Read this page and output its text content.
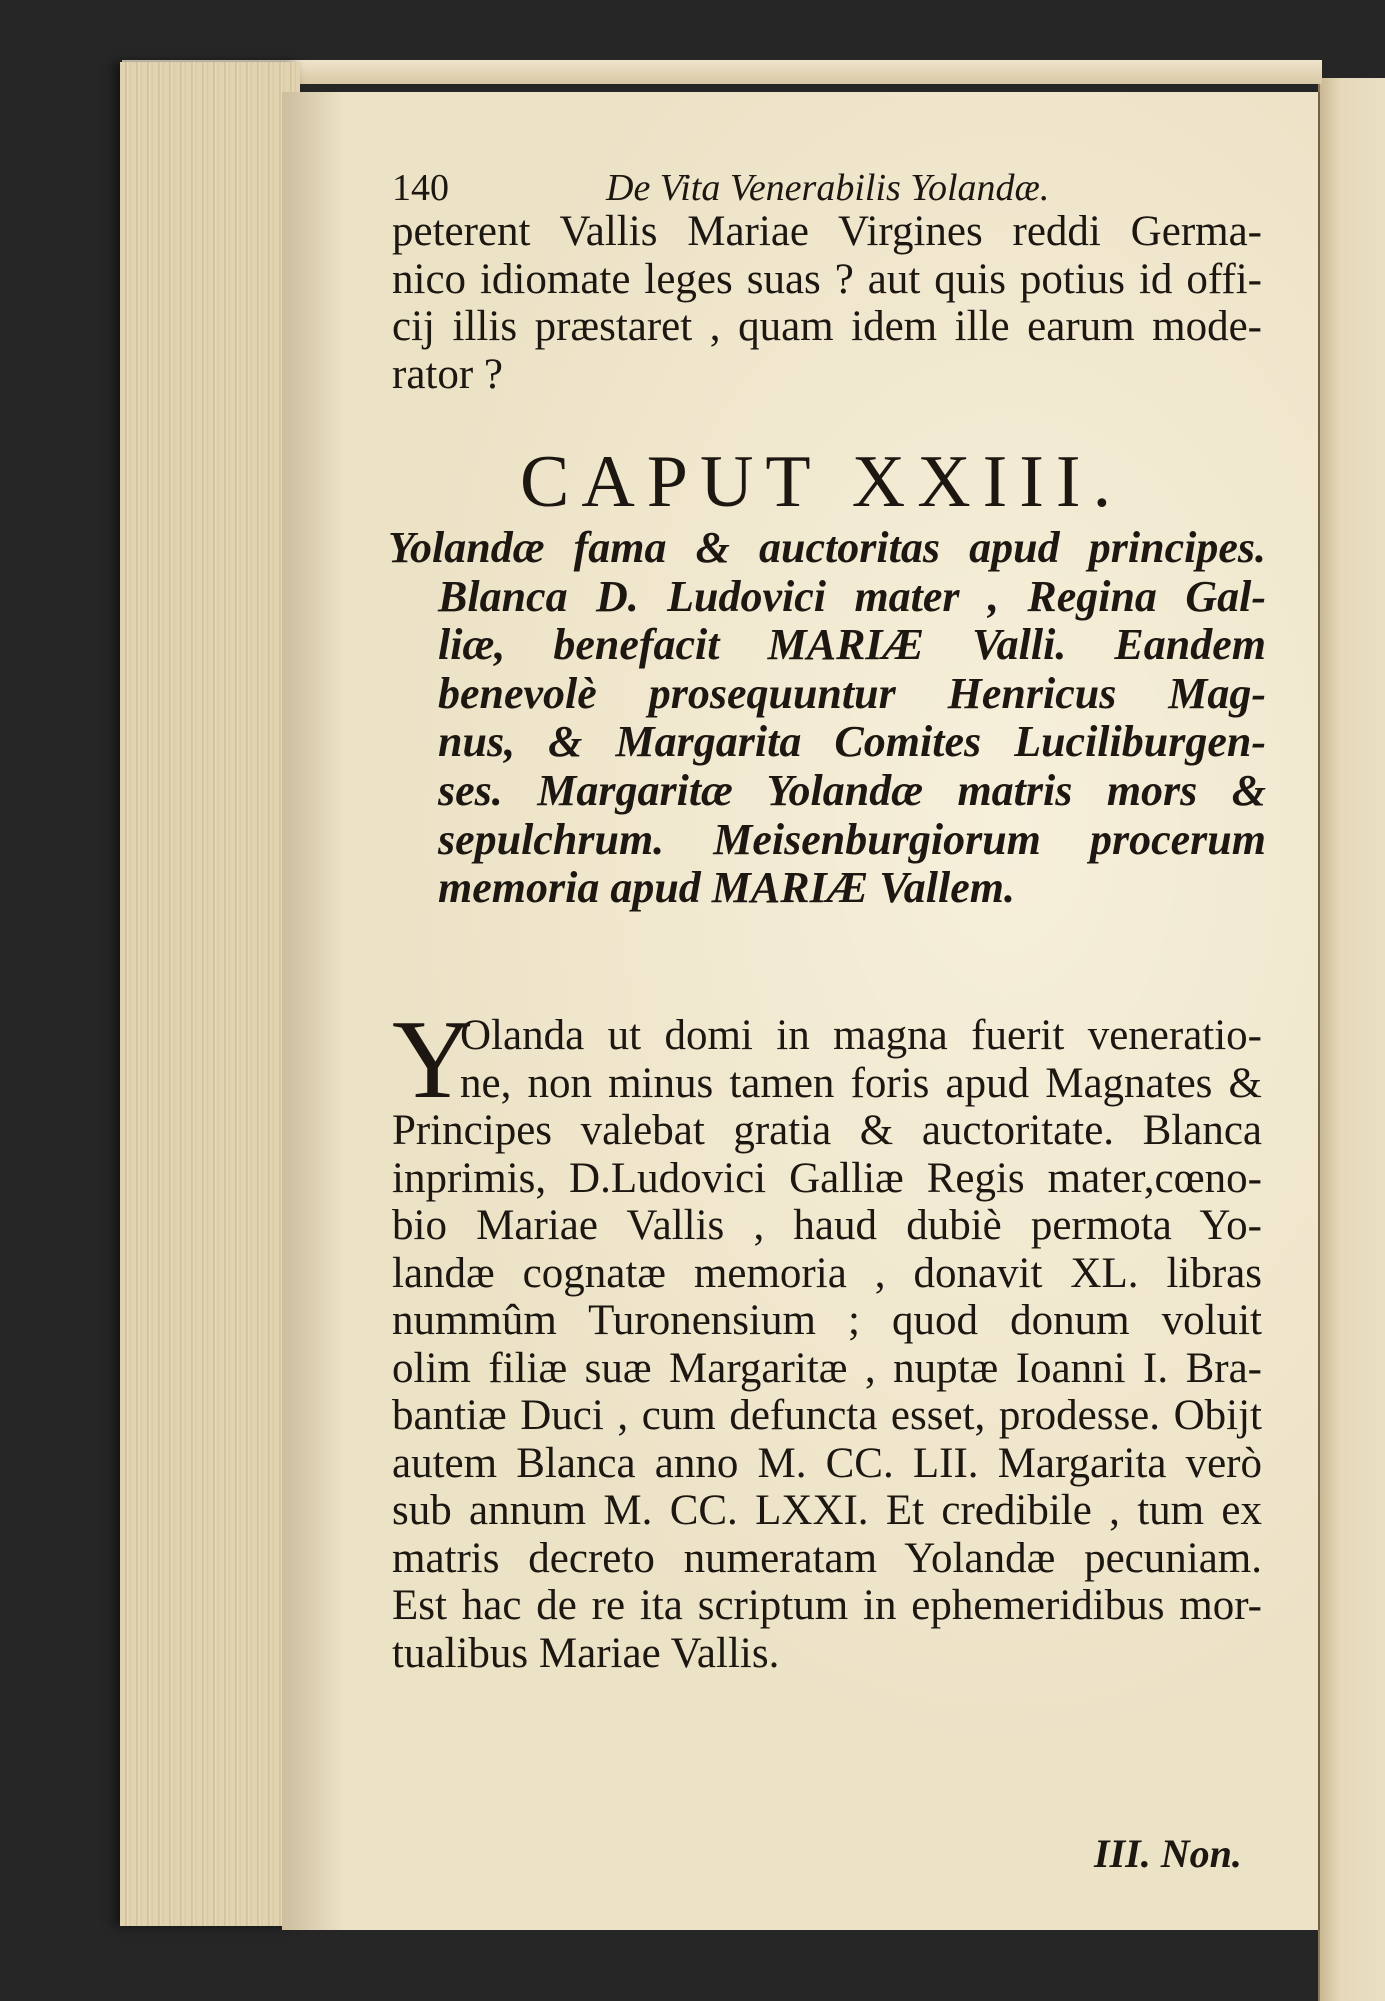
140	De Vita Venerabilis Yolandæ.
peterent Vallis Mariae Virgines reddi Germa-
nico idiomate leges suas ? aut quis potius id offi-
cij illis præstaret , quam idem ille earum mode-
rator ?
CAPUT XXIII.
Yolandæ fama & auctoritas apud principes.
Blanca D. Ludovici mater , Regina Gal-
liæ, benefacit MARIÆ Valli. Eandem
benevolè prosequuntur Henricus Mag-
nus, & Margarita Comites Luciliburgen-
ses. Margaritæ Yolandæ matris mors &
sepulchrum. Meisenburgiorum procerum
memoria apud MARIÆ Vallem.
Y
Olanda ut domi in magna fuerit veneratio-
ne, non minus tamen foris apud Magnates &
Principes valebat gratia & auctoritate. Blanca
inprimis, D.Ludovici Galliæ Regis mater,cœno-
bio Mariae Vallis , haud dubiè permota Yo-
landæ cognatæ memoria , donavit XL. libras
nummûm Turonensium ; quod donum voluit
olim filiæ suæ Margaritæ , nuptæ Ioanni I. Bra-
bantiæ Duci , cum defuncta esset, prodesse. Obijt
autem Blanca anno M. CC. LII. Margarita verò
sub annum M. CC. LXXI. Et credibile , tum ex
matris decreto numeratam Yolandæ pecuniam.
Est hac de re ita scriptum in ephemeridibus mor-
tualibus Mariae Vallis.
III. Non.
